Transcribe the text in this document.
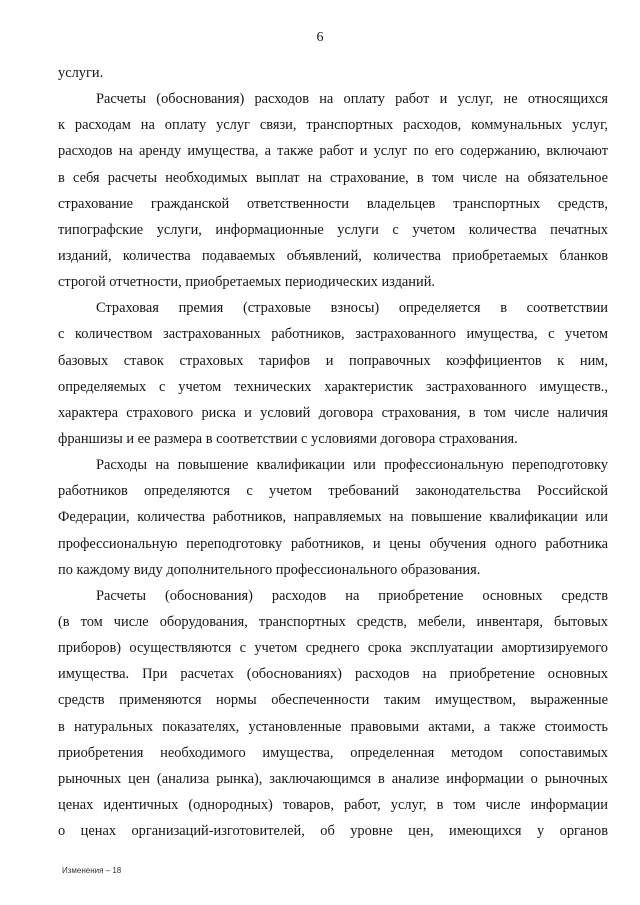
6
услуги.
Расчеты (обоснования) расходов на оплату работ и услуг, не относящихся
к расходам на оплату услуг связи, транспортных расходов, коммунальных услуг,
расходов на аренду имущества, а также работ и услуг по его содержанию, включают
в себя расчеты необходимых выплат на страхование, в том числе на обязательное
страхование гражданской ответственности владельцев транспортных средств,
типографские услуги, информационные услуги с учетом количества печатных
изданий, количества подаваемых объявлений, количества приобретаемых бланков
строгой отчетности, приобретаемых периодических изданий.
Страховая премия (страховые взносы) определяется в соответствии
с количеством застрахованных работников, застрахованного имущества, с учетом
базовых ставок страховых тарифов и поправочных коэффициентов к ним,
определяемых с учетом технических характеристик застрахованного имуществ.,
характера страхового риска и условий договора страхования, в том числе наличия
франшизы и ее размера в соответствии с условиями договора страхования.
Расходы на повышение квалификации или профессиональную переподготовку
работников определяются с учетом требований законодательства Российской
Федерации, количества работников, направляемых на повышение квалификации или
профессиональную переподготовку работников, и цены обучения одного работника
по каждому виду дополнительного профессионального образования.
Расчеты (обоснования) расходов на приобретение основных средств
(в том числе оборудования, транспортных средств, мебели, инвентаря, бытовых
приборов) осуществляются с учетом среднего срока эксплуатации амортизируемого
имущества. При расчетах (обоснованиях) расходов на приобретение основных
средств применяются нормы обеспеченности таким имуществом, выраженные
в натуральных показателях, установленные правовыми актами, а также стоимость
приобретения необходимого имущества, определенная методом сопоставимых
рыночных цен (анализа рынка), заключающимся в анализе информации о рыночных
ценах идентичных (однородных) товаров, работ, услуг, в том числе информации
о ценах организаций-изготовителей, об уровне цен, имеющихся у органов
Изменения – 18
